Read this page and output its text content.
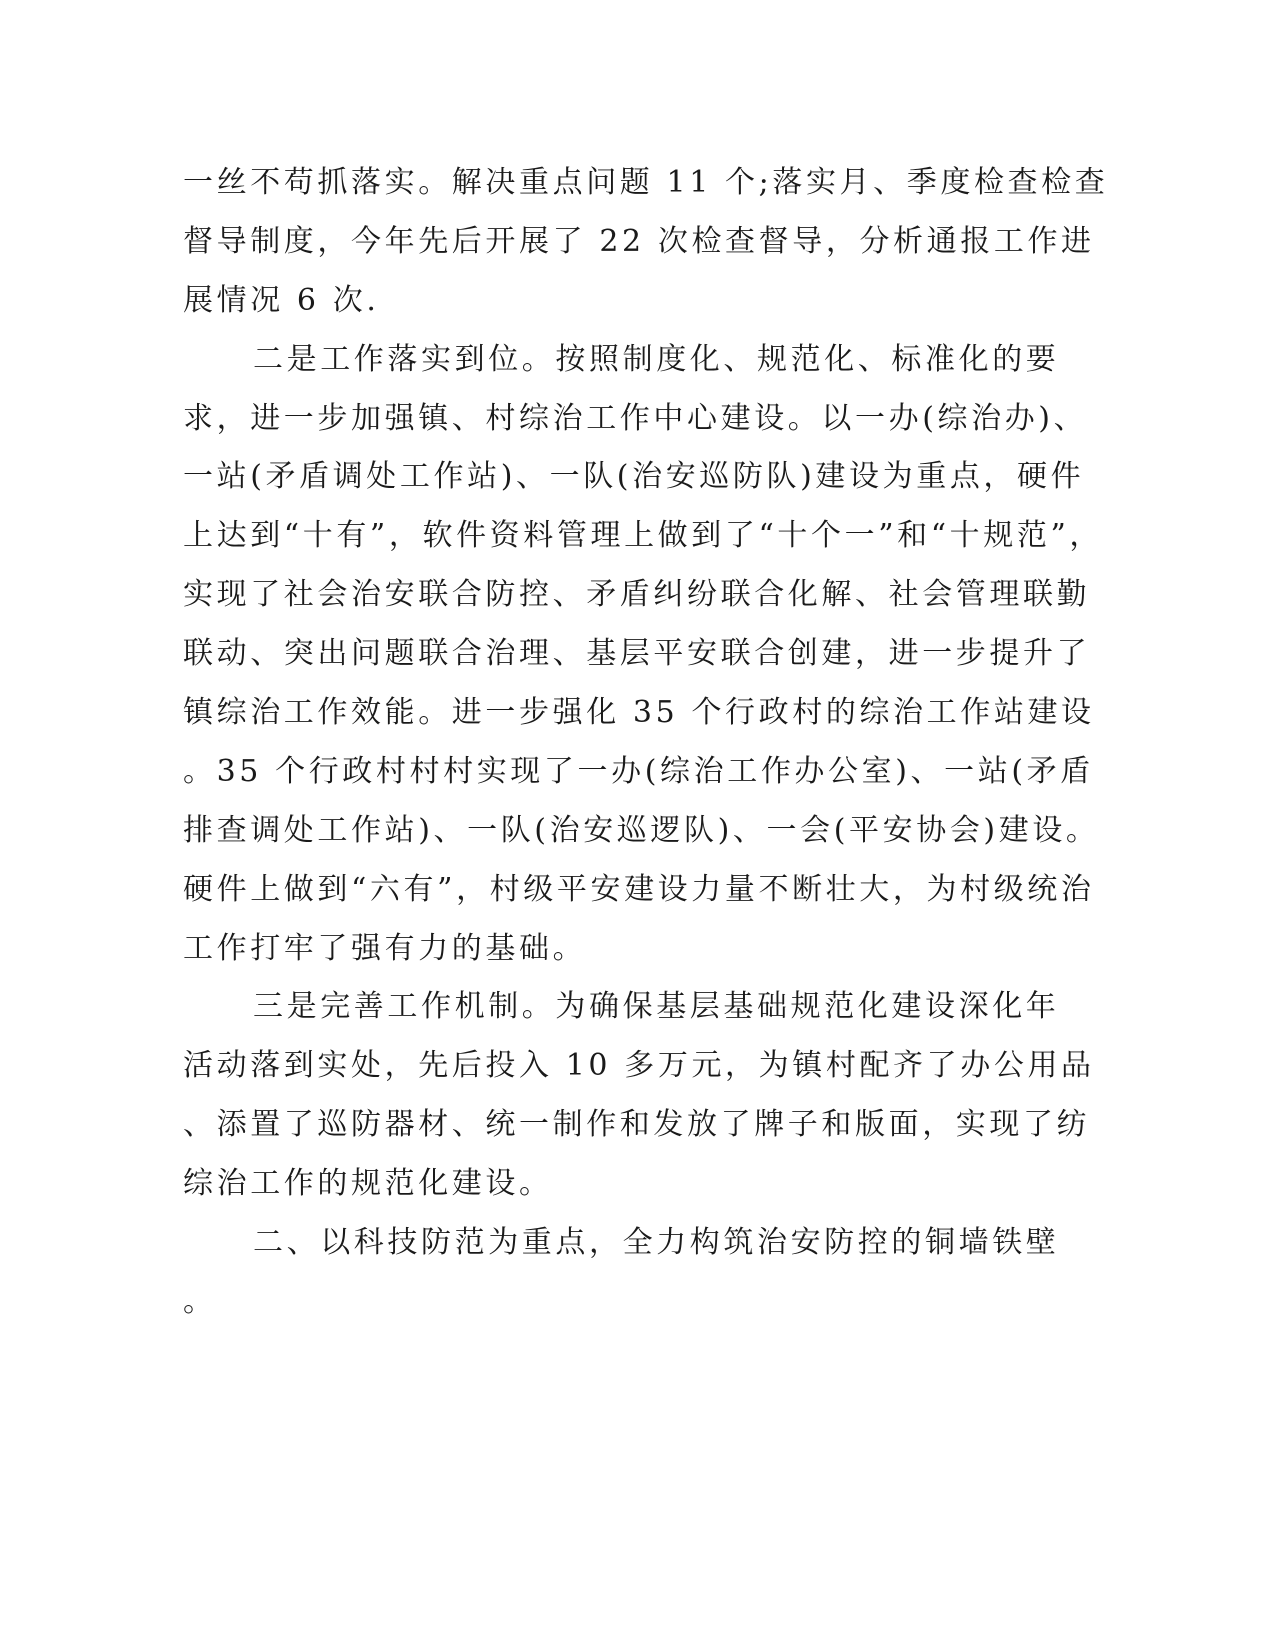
一丝不苟抓落实。解决重点问题 11 个;落实月、季度检查检查
督导制度，今年先后开展了 22 次检查督导，分析通报工作进
展情况 6 次.
二是工作落实到位。按照制度化、规范化、标准化的要
求，进一步加强镇、村综治工作中心建设。以一办(综治办)、
一站(矛盾调处工作站)、一队(治安巡防队)建设为重点，硬件
上达到“十有”，软件资料管理上做到了“十个一”和“十规范”，
实现了社会治安联合防控、矛盾纠纷联合化解、社会管理联勤
联动、突出问题联合治理、基层平安联合创建，进一步提升了
镇综治工作效能。进一步强化 35 个行政村的综治工作站建设
。35 个行政村村村实现了一办(综治工作办公室)、一站(矛盾
排查调处工作站)、一队(治安巡逻队)、一会(平安协会)建设。
硬件上做到“六有”，村级平安建设力量不断壮大，为村级统治
工作打牢了强有力的基础。
三是完善工作机制。为确保基层基础规范化建设深化年
活动落到实处，先后投入 10 多万元，为镇村配齐了办公用品
、添置了巡防器材、统一制作和发放了牌子和版面，实现了纺
综治工作的规范化建设。
二、以科技防范为重点，全力构筑治安防控的铜墙铁壁
。
